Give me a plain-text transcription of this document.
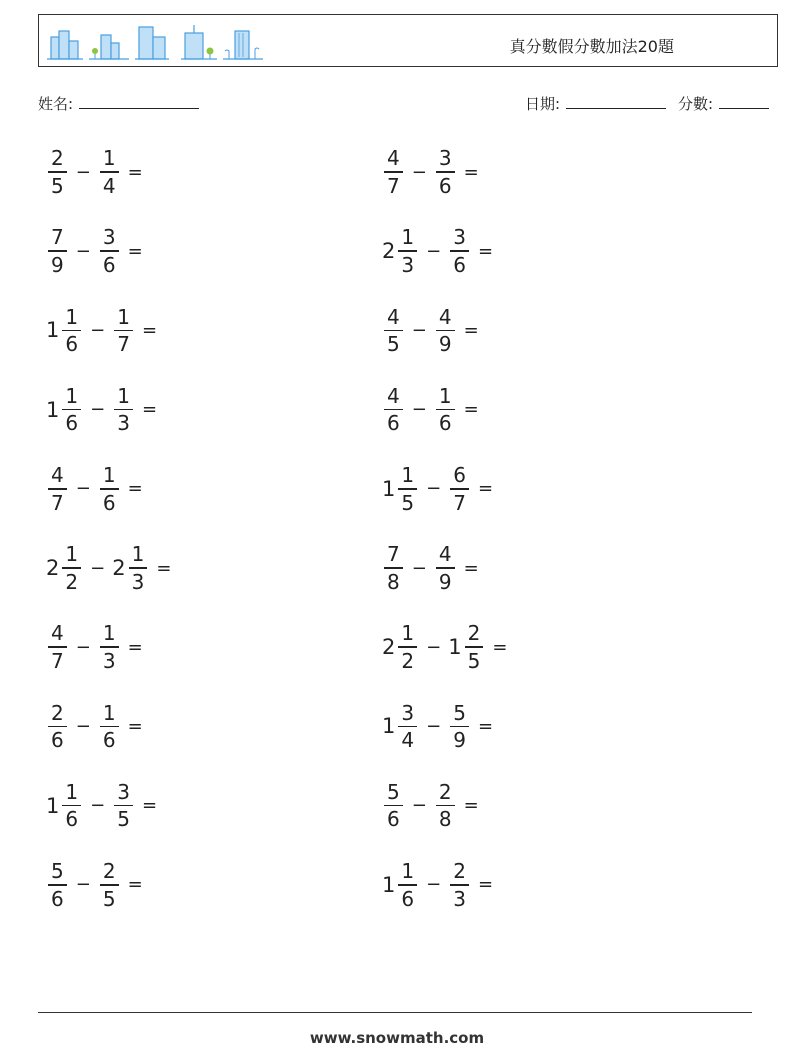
真分數假分數加法20題
姓名:	日期:	分數:
$\frac{2}{5} - \frac{1}{4}$ =	$\frac{4}{7} - \frac{3}{6}$ =
$\frac{7}{9} - \frac{3}{6}$ =	$2 \frac{1}{3} - \frac{3}{6}$ =
$1 \frac{1}{6} - \frac{1}{7}$ =	$\frac{4}{5} - \frac{4}{9}$ =
$1 \frac{1}{6} - \frac{1}{3}$ =	$\frac{4}{6} - \frac{1}{6}$ =
$\frac{4}{7} - \frac{1}{6}$ =	$1 \frac{1}{5} - \frac{6}{7}$ =
$2 \frac{1}{2} - 2 \frac{1}{3}$ =	$\frac{7}{8} - \frac{4}{9}$ =
$\frac{4}{7} - \frac{1}{3}$ =	$2 \frac{1}{2} - 1 \frac{2}{5}$ =
$\frac{2}{6} - \frac{1}{6}$ =	$1 \frac{3}{4} - \frac{5}{9}$ =
$1 \frac{1}{6} - \frac{3}{5}$ =	$\frac{5}{6} - \frac{2}{8}$ =
$\frac{5}{6} - \frac{2}{5}$ =	$1 \frac{1}{6} - \frac{2}{3}$ =
www.snowmath.com
